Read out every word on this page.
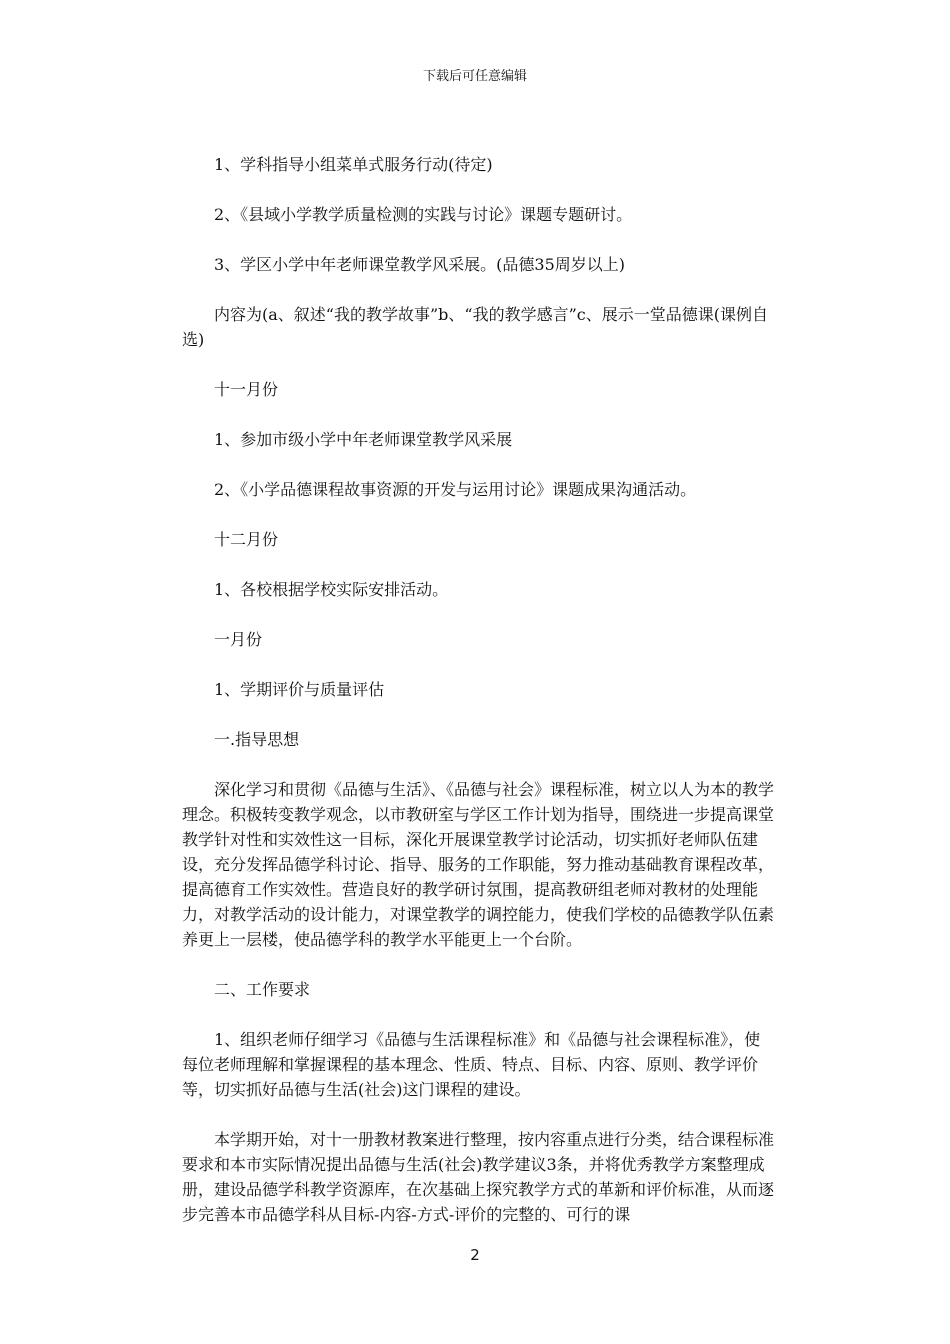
下载后可任意编辑

1、学科指导小组菜单式服务行动(待定)

2、《县域小学教学质量检测的实践与讨论》课题专题研讨。

3、学区小学中年老师课堂教学风采展。(品德35周岁以上)

内容为(a、叙述“我的教学故事”b、“我的教学感言”c、展示一堂品德课(课例自选)

十一月份

1、参加市级小学中年老师课堂教学风采展

2、《小学品德课程故事资源的开发与运用讨论》课题成果沟通活动。

十二月份

1、各校根据学校实际安排活动。

一月份

1、学期评价与质量评估

一.指导思想

深化学习和贯彻《品德与生活》、《品德与社会》课程标准，树立以人为本的教学理念。积极转变教学观念，以市教研室与学区工作计划为指导，围绕进一步提高课堂教学针对性和实效性这一目标，深化开展课堂教学讨论活动，切实抓好老师队伍建设，充分发挥品德学科讨论、指导、服务的工作职能，努力推动基础教育课程改革，提高德育工作实效性。营造良好的教学研讨氛围，提高教研组老师对教材的处理能力，对教学活动的设计能力，对课堂教学的调控能力，使我们学校的品德教学队伍素养更上一层楼，使品德学科的教学水平能更上一个台阶。

二、工作要求

1、组织老师仔细学习《品德与生活课程标准》和《品德与社会课程标准》，使每位老师理解和掌握课程的基本理念、性质、特点、目标、内容、原则、教学评价等，切实抓好品德与生活(社会)这门课程的建设。

本学期开始，对十一册教材教案进行整理，按内容重点进行分类，结合课程标准要求和本市实际情况提出品德与生活(社会)教学建议3条，并将优秀教学方案整理成册，建设品德学科教学资源库，在次基础上探究教学方式的革新和评价标准，从而逐步完善本市品德学科从目标-内容-方式-评价的完整的、可行的课

2
